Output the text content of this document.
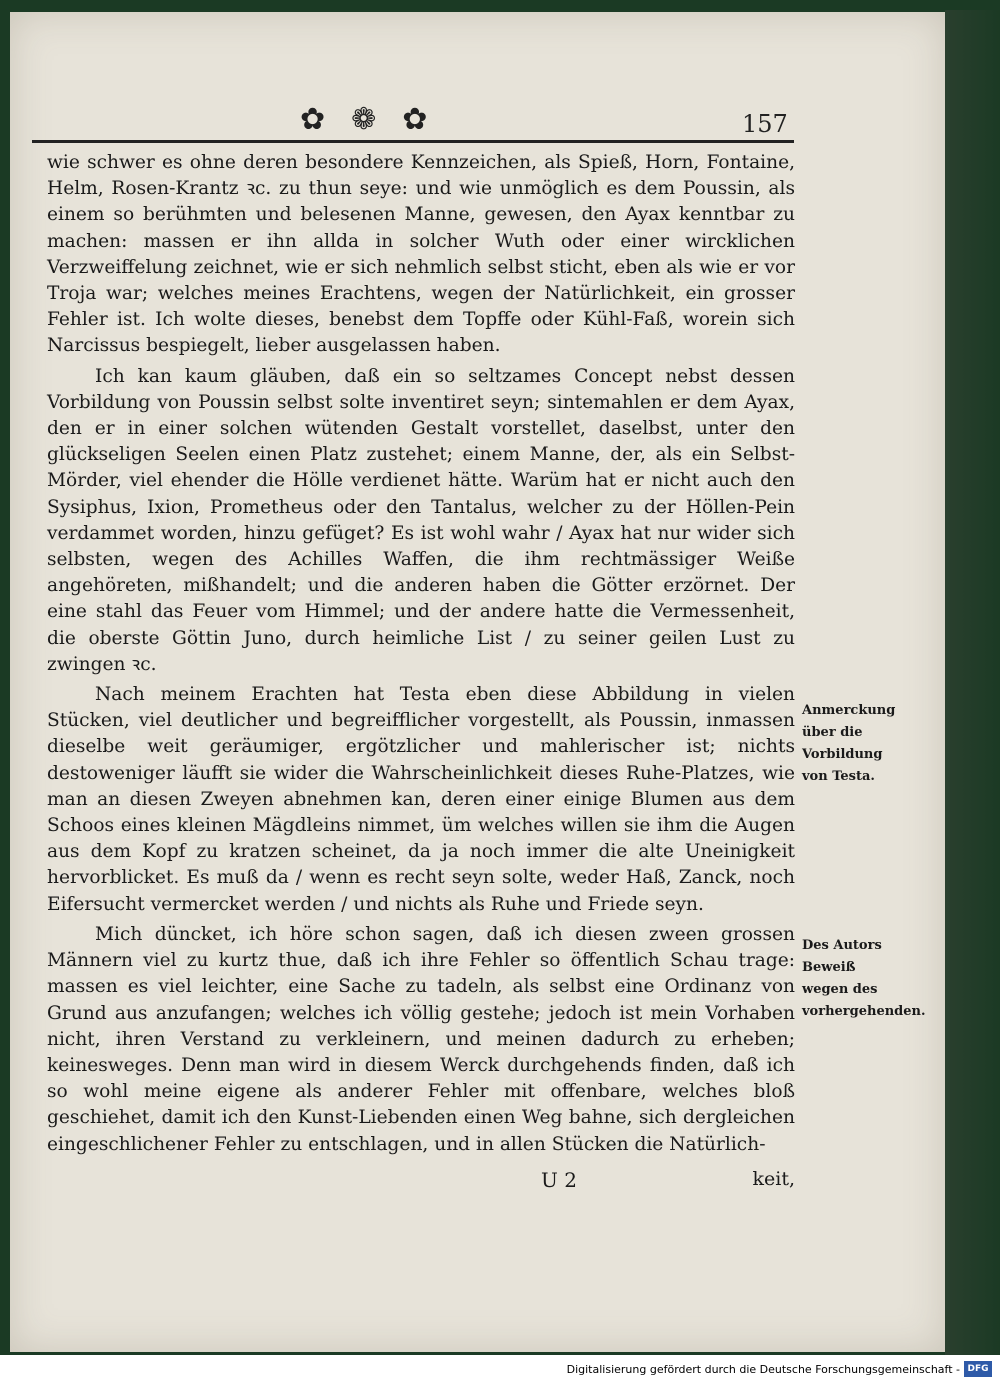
✿ ❁ ✿	157

wie schwer es ohne deren besondere Kennzeichen, als Spieß, Horn, Fontaine, Helm, Rosen-Krantz ꝛc. zu thun seye: und wie unmöglich es dem Poussin, als einem so berühmten und belesenen Manne, gewesen, den Ayax kenntbar zu machen: massen er ihn allda in solcher Wuth oder einer wircklichen Verzweiffelung zeichnet, wie er sich nehmlich selbst sticht, eben als wie er vor Troja war; welches meines Erachtens, wegen der Natürlichkeit, ein grosser Fehler ist. Ich wolte dieses, benebst dem Topffe oder Kühl-Faß, worein sich Narcissus bespiegelt, lieber ausgelassen haben.

Ich kan kaum gläuben, daß ein so seltzames Concept nebst dessen Vorbildung von Poussin selbst solte inventiret seyn; sintemahlen er dem Ayax, den er in einer solchen wütenden Gestalt vorstellet, daselbst, unter den glückseligen Seelen einen Platz zustehet; einem Manne, der, als ein Selbst-Mörder, viel ehender die Hölle verdienet hätte. Warüm hat er nicht auch den Sysiphus, Ixion, Prometheus oder den Tantalus, welcher zu der Höllen-Pein verdammet worden, hinzu gefüget? Es ist wohl wahr / Ayax hat nur wider sich selbsten, wegen des Achilles Waffen, die ihm rechtmässiger Weiße angehöreten, mißhandelt; und die anderen haben die Götter erzörnet. Der eine stahl das Feuer vom Himmel; und der andere hatte die Vermessenheit, die oberste Göttin Juno, durch heimliche List / zu seiner geilen Lust zu zwingen ꝛc.

Nach meinem Erachten hat Testa eben diese Abbildung in vielen Stücken, viel deutlicher und begreifflicher vorgestellt, als Poussin, inmassen dieselbe weit geräumiger, ergötzlicher und mahlerischer ist; nichts destoweniger läufft sie wider die Wahrscheinlichkeit dieses Ruhe-Platzes, wie man an diesen Zweyen abnehmen kan, deren einer einige Blumen aus dem Schoos eines kleinen Mägdleins nimmet, üm welches willen sie ihm die Augen aus dem Kopf zu kratzen scheinet, da ja noch immer die alte Uneinigkeit hervorblicket. Es muß da / wenn es recht seyn solte, weder Haß, Zanck, noch Eifersucht vermercket werden / und nichts als Ruhe und Friede seyn.

Mich düncket, ich höre schon sagen, daß ich diesen zween grossen Männern viel zu kurtz thue, daß ich ihre Fehler so öffentlich Schau trage: massen es viel leichter, eine Sache zu tadeln, als selbst eine Ordinanz von Grund aus anzufangen; welches ich völlig gestehe; jedoch ist mein Vorhaben nicht, ihren Verstand zu verkleinern, und meinen dadurch zu erheben; keinesweges. Denn man wird in diesem Werck durchgehends finden, daß ich so wohl meine eigene als anderer Fehler mit offenbare, welches bloß geschiehet, damit ich den Kunst-Liebenden einen Weg bahne, sich dergleichen eingeschlichener Fehler zu entschlagen, und in allen Stücken die Natürlich-

Anmerckung
über die
Vorbildung
von Testa.
Des Autors Beweiß wegen des vorhergehenden.
U 2	keit,
Digitalisierung gefördert durch die Deutsche Forschungsgemeinschaft - DFG
